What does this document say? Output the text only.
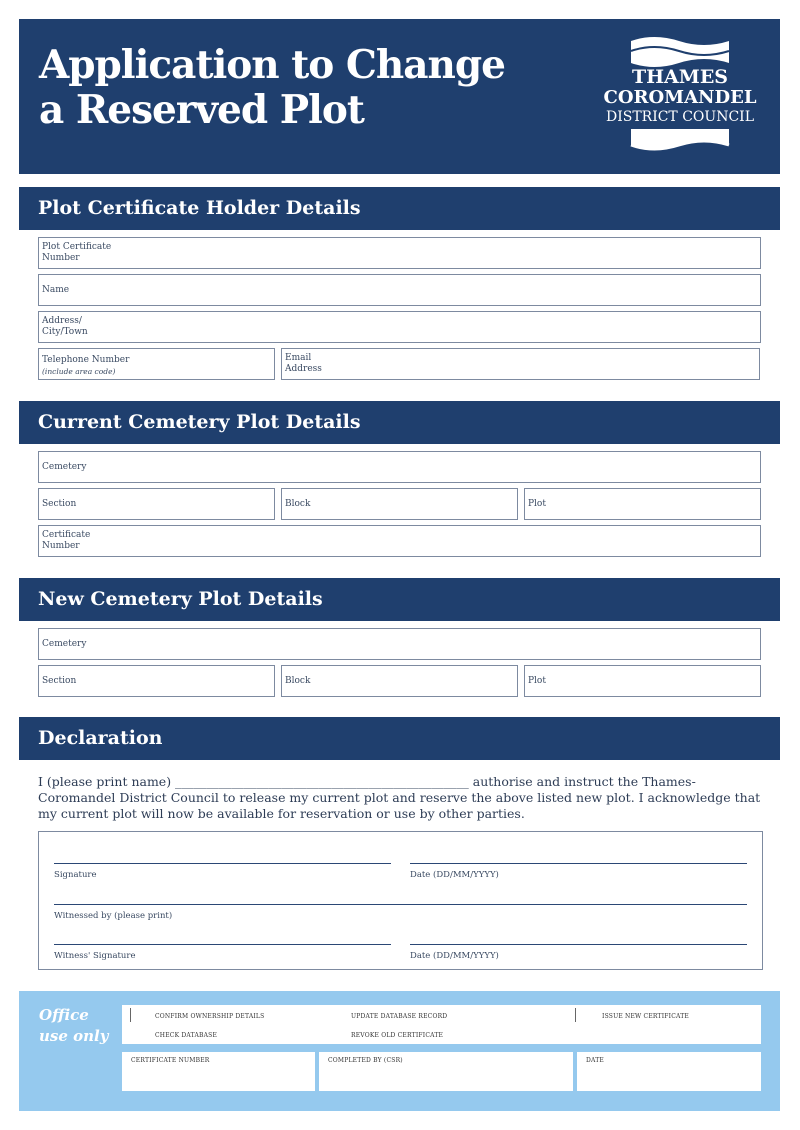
Application to Change
a Reserved Plot
THAMES
COROMANDEL
DISTRICT COUNCIL
Plot Certificate Holder Details
Plot Certificate
Number
Name
Address/
City/Town
Telephone Number
(include area code)
Email
Address
Current Cemetery Plot Details
Cemetery
Section	Block	Plot
Certificate
Number
New Cemetery Plot Details
Cemetery
Section	Block	Plot
Declaration
I (please print name) _______________________________________________ authorise and instruct the Thames-Coromandel District Council to release my current plot and reserve the above listed new plot. I acknowledge that my current plot will now be available for reservation or use by other parties.
Signature	Date (DD/MM/YYYY)
Witnessed by (please print)
Witness' Signature	Date (DD/MM/YYYY)
Office
use only
CONFIRM OWNERSHIP DETAILS	UPDATE DATABASE RECORD	ISSUE NEW CERTIFICATE
CHECK DATABASE	REVOKE OLD CERTIFICATE
CERTIFICATE NUMBER	COMPLETED BY (CSR)	DATE
